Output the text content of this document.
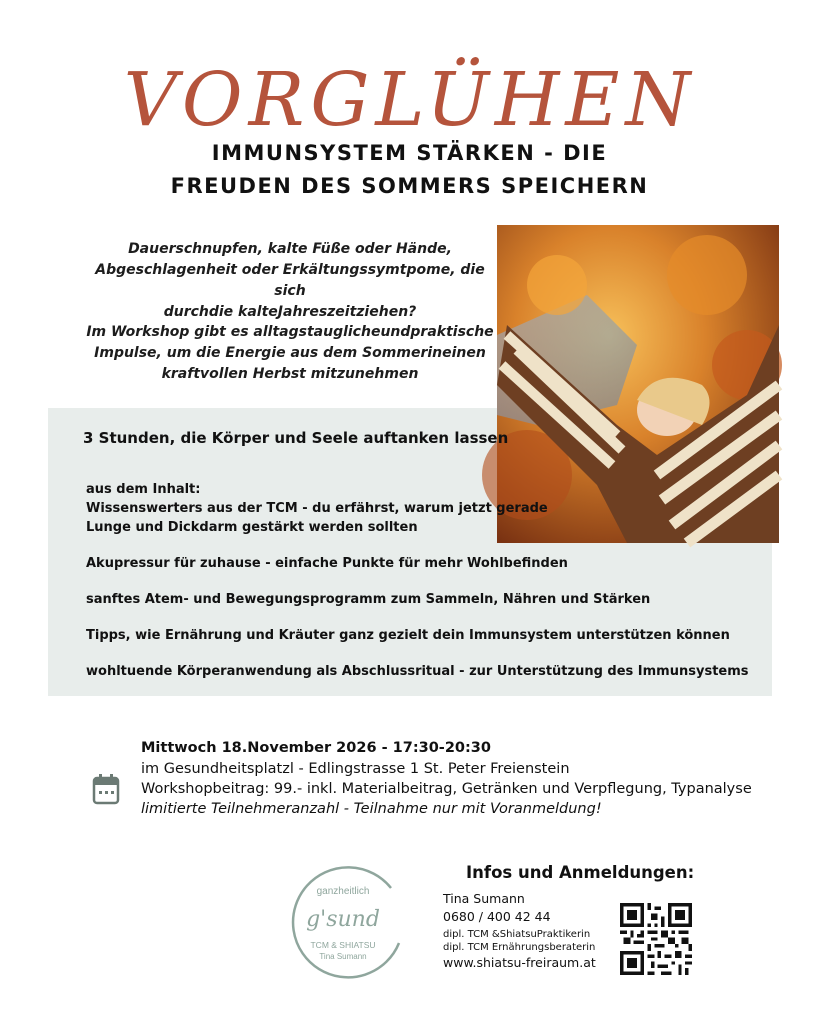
VORGLÜHEN
IMMUNSYSTEM STÄRKEN - DIE
FREUDEN DES SOMMERS SPEICHERN
Dauerschnupfen, kalte Füße oder Hände,
Abgeschlagenheit oder Erkältungssymtpome, die sich
durchdie kalteJahreszeitziehen?
Im Workshop gibt es alltagstauglicheundpraktische
Impulse, um die Energie aus dem Sommerineinen
kraftvollen Herbst mitzunehmen
3 Stunden, die Körper und Seele auftanken lassen
aus dem Inhalt:
Wissenswerters aus der TCM - du erfährst, warum jetzt gerade
Lunge und Dickdarm gestärkt werden sollten
Akupressur für zuhause - einfache Punkte für mehr Wohlbefinden
sanftes Atem- und Bewegungsprogramm zum Sammeln, Nähren und Stärken
Tipps, wie Ernährung und Kräuter ganz gezielt dein Immunsystem unterstützen können
wohltuende Körperanwendung als Abschlussritual - zur Unterstützung des Immunsystems
Mittwoch 18.November 2026 - 17:30-20:30
im Gesundheitsplatzl - Edlingstrasse 1 St. Peter Freienstein
Workshopbeitrag: 99.- inkl. Materialbeitrag, Getränken und Verpflegung, Typanalyse
limitierte Teilnehmeranzahl - Teilnahme nur mit Voranmeldung!
ganzheitlich
g'sund
TCM & SHIATSU
Tina Sumann
Infos und Anmeldungen:
Tina Sumann
0680 / 400 42 44
dipl. TCM &ShiatsuPraktikerin
dipl. TCM Ernährungsberaterin
www.shiatsu-freiraum.at
